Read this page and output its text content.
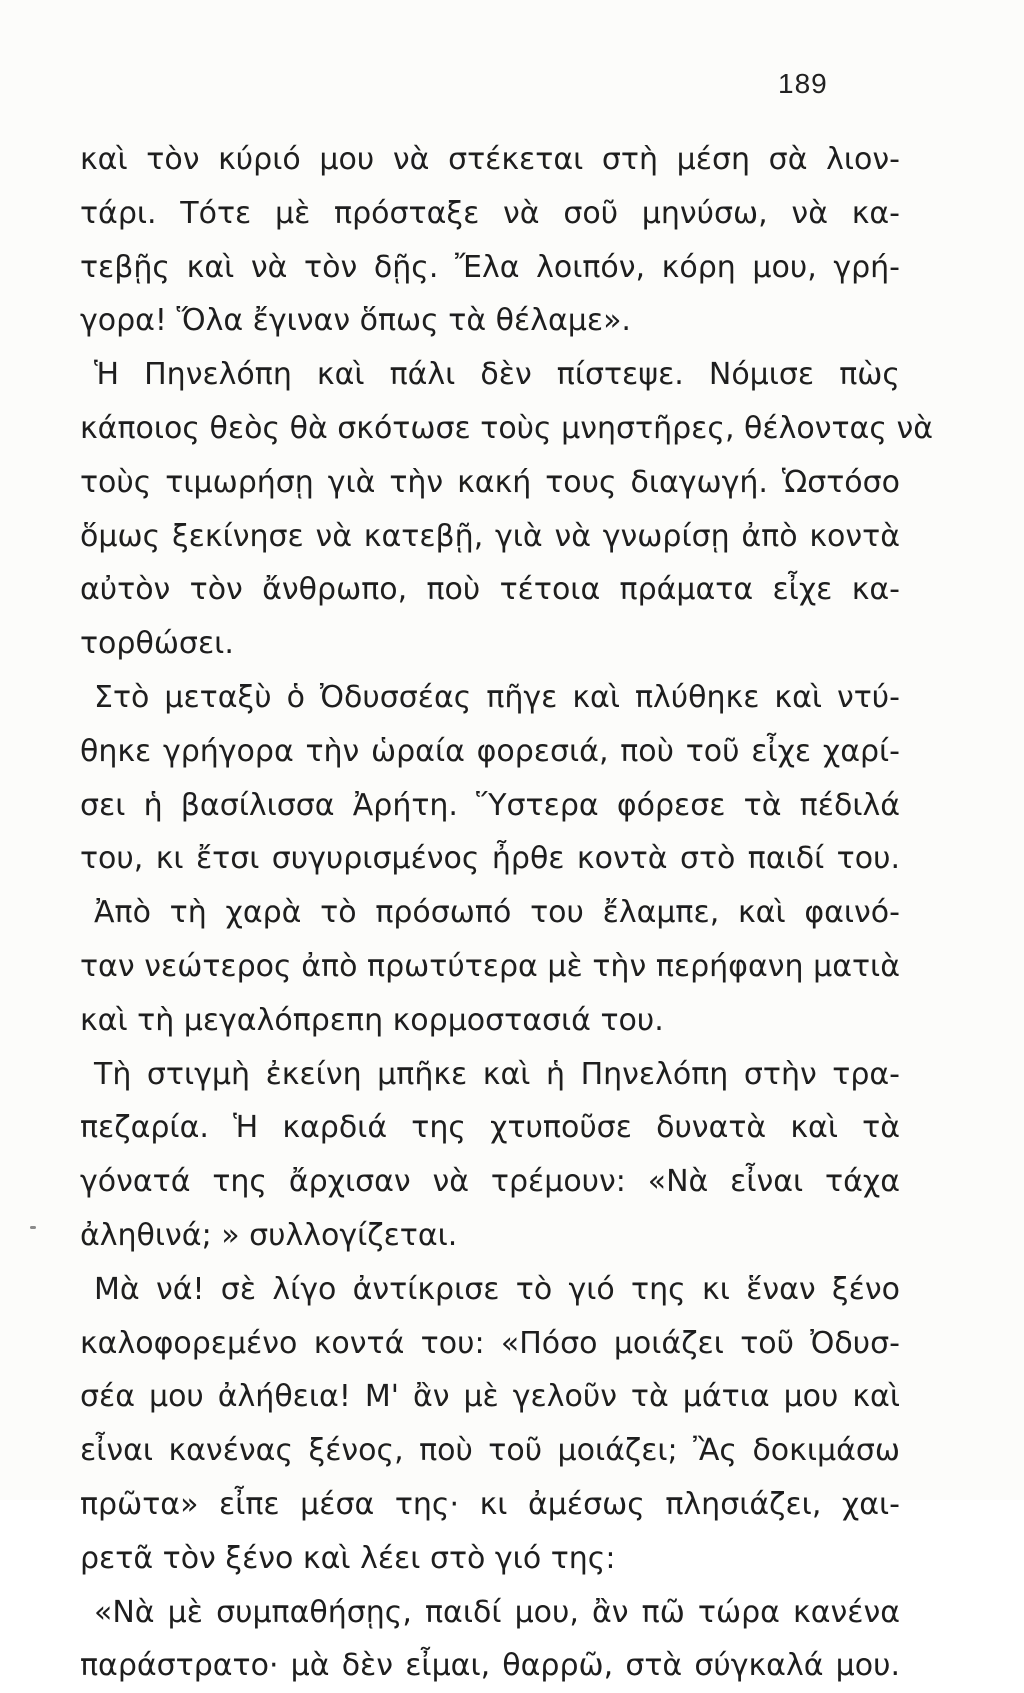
189
καὶ τὸν κύριό μου νὰ στέκεται στὴ μέση σὰ λιον-
τάρι. Τότε μὲ πρόσταξε νὰ σοῦ μηνύσω, νὰ κα-
τεβῇς καὶ νὰ τὸν δῇς. Ἔλα λοιπόν, κόρη μου, γρή-
γορα! Ὅλα ἔγιναν ὅπως τὰ θέλαμε».
Ἡ Πηνελόπη καὶ πάλι δὲν πίστεψε. Νόμισε πὼς
κάποιος θεὸς θὰ σκότωσε τοὺς μνηστῆρες, θέλοντας νὰ
τοὺς τιμωρήσῃ γιὰ τὴν κακή τους διαγωγή. Ὡστόσο
ὅμως ξεκίνησε νὰ κατεβῇ, γιὰ νὰ γνωρίσῃ ἀπὸ κοντὰ
αὐτὸν τὸν ἄνθρωπο, ποὺ τέτοια πράματα εἶχε κα-
τορθώσει.
Στὸ μεταξὺ ὁ Ὀδυσσέας πῆγε καὶ πλύθηκε καὶ ντύ-
θηκε γρήγορα τὴν ὡραία φορεσιά, ποὺ τοῦ εἶχε χαρί-
σει ἡ βασίλισσα Ἀρήτη. Ὕστερα φόρεσε τὰ πέδιλά
του, κι ἔτσι συγυρισμένος ἦρθε κοντὰ στὸ παιδί του.
Ἀπὸ τὴ χαρὰ τὸ πρόσωπό του ἔλαμπε, καὶ φαινό-
ταν νεώτερος ἀπὸ πρωτύτερα μὲ τὴν περήφανη ματιὰ
καὶ τὴ μεγαλόπρεπη κορμοστασιά του.
Τὴ στιγμὴ ἐκείνη μπῆκε καὶ ἡ Πηνελόπη στὴν τρα-
πεζαρία. Ἡ καρδιά της χτυποῦσε δυνατὰ καὶ τὰ
γόνατά της ἄρχισαν νὰ τρέμουν: «Νὰ εἶναι τάχα
ἀληθινά; » συλλογίζεται.
Μὰ νά! σὲ λίγο ἀντίκρισε τὸ γιό της κι ἕναν ξένο
καλοφορεμένο κοντά του: «Πόσο μοιάζει τοῦ Ὀδυσ-
σέα μου ἀλήθεια! Μ' ἂν μὲ γελοῦν τὰ μάτια μου καὶ
εἶναι κανένας ξένος, ποὺ τοῦ μοιάζει; Ἂς δοκιμάσω
πρῶτα» εἶπε μέσα της· κι ἀμέσως πλησιάζει, χαι-
ρετᾶ τὸν ξένο καὶ λέει στὸ γιό της:
«Νὰ μὲ συμπαθήσῃς, παιδί μου, ἂν πῶ τώρα κανένα
παράστρατο· μὰ δὲν εἶμαι, θαρρῶ, στὰ σύγκαλά μου.
